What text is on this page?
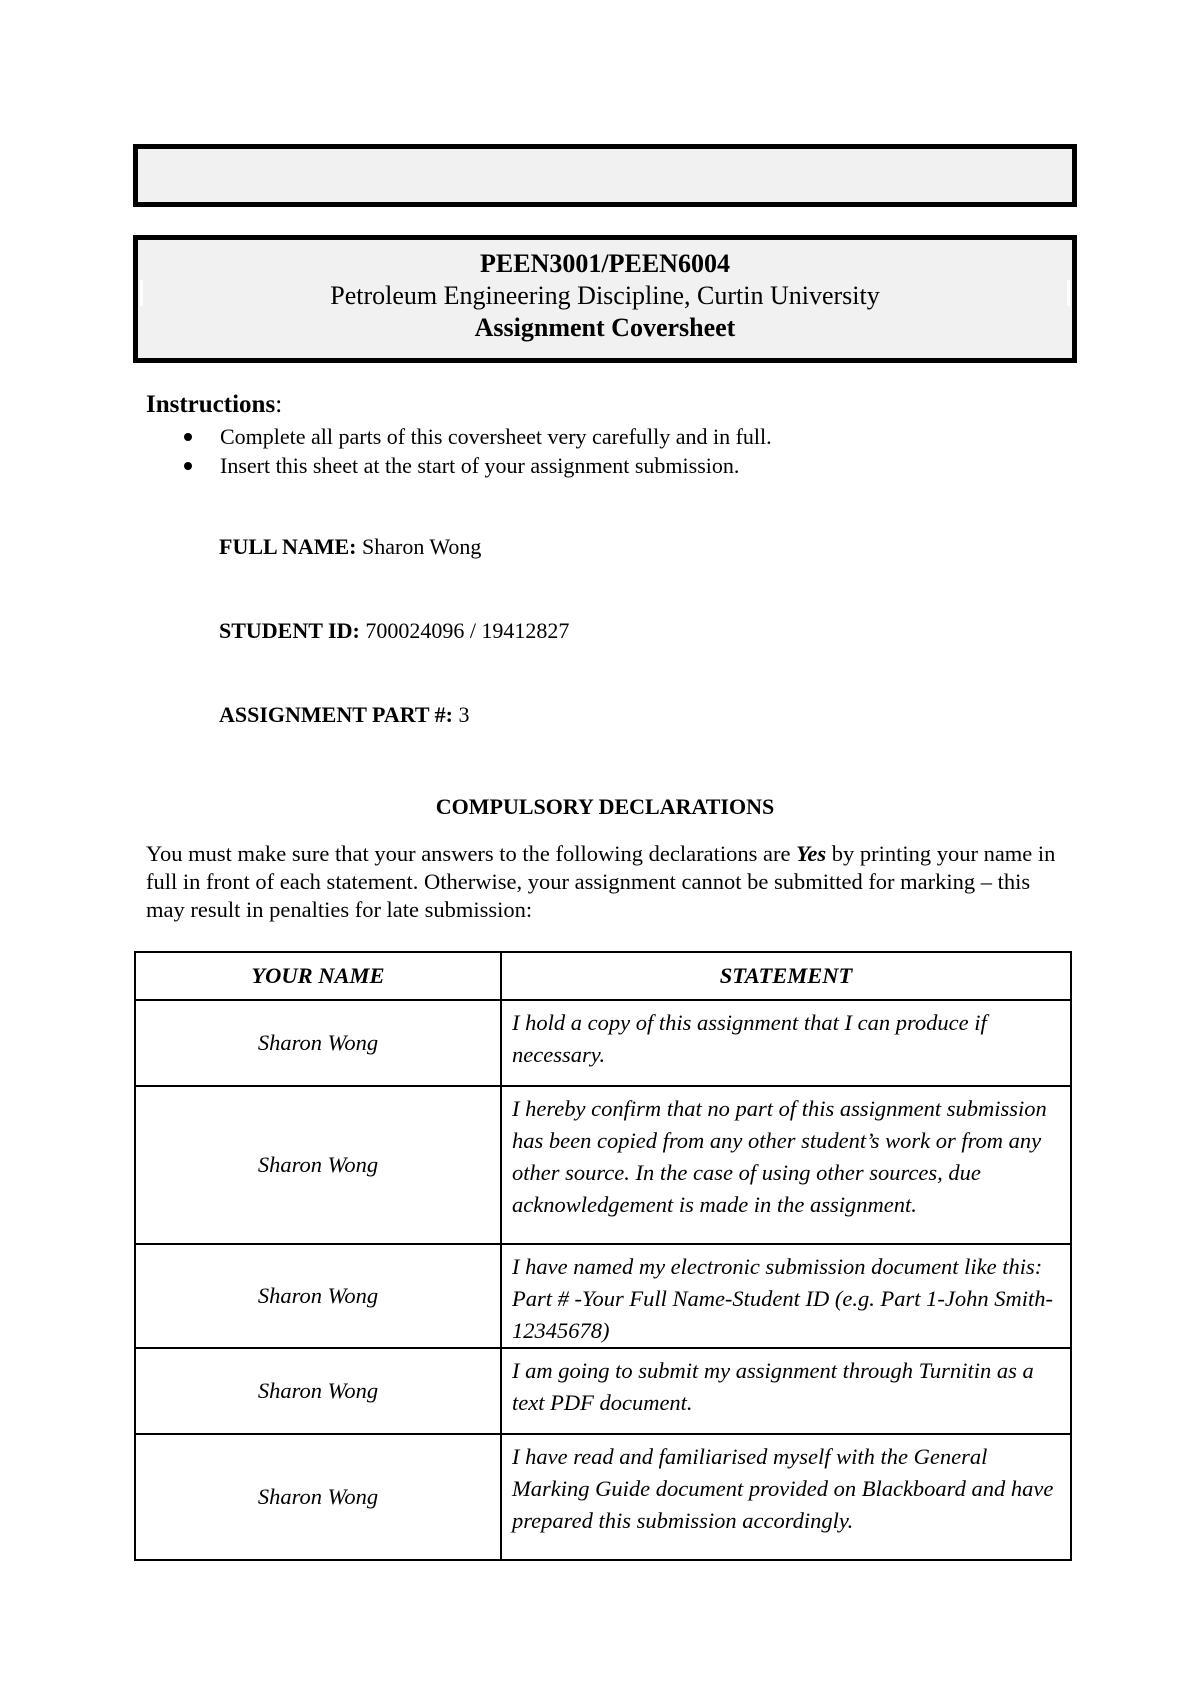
PEEN3001/PEEN6004
Petroleum Engineering Discipline, Curtin University
Assignment Coversheet

Instructions:

Complete all parts of this coversheet very carefully and in full.
Insert this sheet at the start of your assignment submission.
FULL NAME: Sharon Wong
STUDENT ID: 700024096 / 19412827
ASSIGNMENT PART #: 3
COMPULSORY DECLARATIONS
You must make sure that your answers to the following declarations are Yes by printing your name in full in front of each statement. Otherwise, your assignment cannot be submitted for marking – this may result in penalties for late submission:
YOUR NAME	STATEMENT
Sharon Wong	I hold a copy of this assignment that I can produce if necessary.
Sharon Wong	I hereby confirm that no part of this assignment submission has been copied from any other student’s work or from any other source. In the case of using other sources, due acknowledgement is made in the assignment.
Sharon Wong	I have named my electronic submission document like this: Part # -Your Full Name-Student ID (e.g. Part 1-John Smith-12345678)
Sharon Wong	I am going to submit my assignment through Turnitin as a text PDF document.
Sharon Wong	I have read and familiarised myself with the General Marking Guide document provided on Blackboard and have prepared this submission accordingly.
